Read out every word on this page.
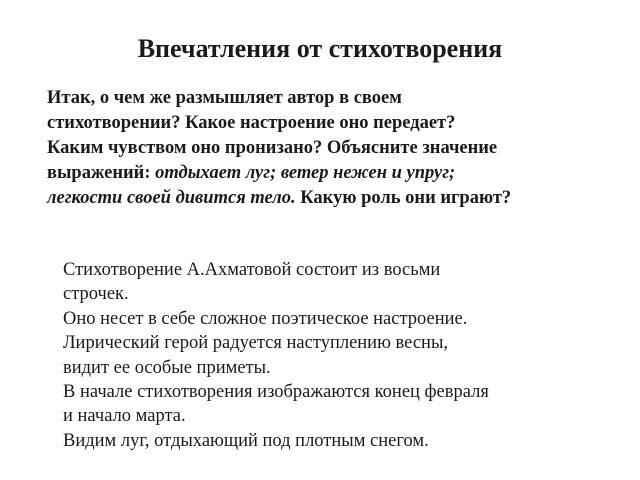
Впечатления от стихотворения
Итак, о чем же размышляет автор в своем
стихотворении? Какое настроение оно передает?
Каким чувством оно пронизано? Объясните значение
выражений: отдыхает луг; ветер нежен и упруг;
легкости своей дивится тело. Какую роль они играют?
Стихотворение А.Ахматовой состоит из восьми
строчек.
Оно несет в себе сложное поэтическое настроение.
Лирический герой радуется наступлению весны,
видит ее особые приметы.
В начале стихотворения изображаются конец февраля
и начало марта.
Видим луг, отдыхающий под плотным снегом.
